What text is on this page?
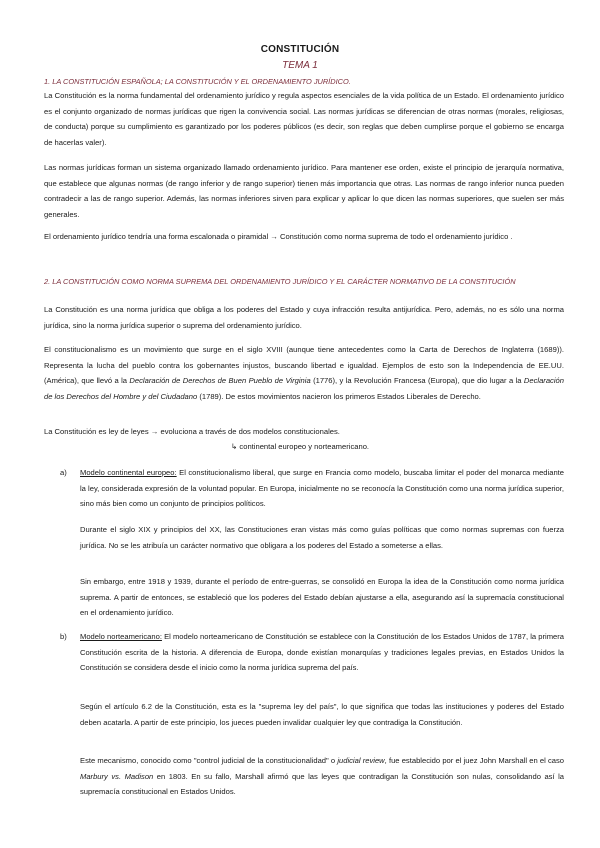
CONSTITUCIÓN
TEMA 1
1. LA CONSTITUCIÓN ESPAÑOLA; LA CONSTITUCIÓN Y EL ORDENAMIENTO JURÍDICO.

La Constitución es la norma fundamental del ordenamiento jurídico y regula aspectos esenciales de la vida política de un Estado. El ordenamiento jurídico es el conjunto organizado de normas jurídicas que rigen la convivencia social. Las normas jurídicas se diferencian de otras normas (morales, religiosas, de conducta) porque su cumplimiento es garantizado por los poderes públicos (es decir, son reglas que deben cumplirse porque el gobierno se encarga de hacerlas valer).

Las normas jurídicas forman un sistema organizado llamado ordenamiento jurídico. Para mantener ese orden, existe el principio de jerarquía normativa, que establece que algunas normas (de rango inferior y de rango superior) tienen más importancia que otras. Las normas de rango inferior nunca pueden contradecir a las de rango superior. Además, las normas inferiores sirven para explicar y aplicar lo que dicen las normas superiores, que suelen ser más generales.

El ordenamiento jurídico tendría una forma escalonada o piramidal → Constitución como norma suprema de todo el ordenamiento jurídico .

2. LA CONSTITUCIÓN COMO NORMA SUPREMA DEL ORDENAMIENTO JURÍDICO Y EL CARÁCTER NORMATIVO DE LA CONSTITUCIÓN

La Constitución es una norma jurídica que obliga a los poderes del Estado y cuya infracción resulta antijurídica. Pero, además, no es sólo una norma jurídica, sino la norma jurídica superior o suprema del ordenamiento jurídico.

El constitucionalismo es un movimiento que surge en el siglo XVIII (aunque tiene antecedentes como la Carta de Derechos de Inglaterra (1689)). Representa la lucha del pueblo contra los gobernantes injustos, buscando libertad e igualdad. Ejemplos de esto son la Independencia de EE.UU. (América), que llevó a la Declaración de Derechos de Buen Pueblo de Virginia (1776), y la Revolución Francesa (Europa), que dio lugar a la Declaración de los Derechos del Hombre y del Ciudadano (1789). De estos movimientos nacieron los primeros Estados Liberales de Derecho.

La Constitución es ley de leyes → evoluciona a través de dos modelos constitucionales.

↳ continental europeo y norteamericano.
a) Modelo continental europeo: El constitucionalismo liberal, que surge en Francia como modelo, buscaba limitar el poder del monarca mediante la ley, considerada expresión de la voluntad popular. En Europa, inicialmente no se reconocía la Constitución como una norma jurídica superior, sino más bien como un conjunto de principios políticos.

Durante el siglo XIX y principios del XX, las Constituciones eran vistas más como guías políticas que como normas supremas con fuerza jurídica. No se les atribuía un carácter normativo que obligara a los poderes del Estado a someterse a ellas.

Sin embargo, entre 1918 y 1939, durante el período de entre-guerras, se consolidó en Europa la idea de la Constitución como norma jurídica suprema. A partir de entonces, se estableció que los poderes del Estado debían ajustarse a ella, asegurando así la supremacía constitucional en el ordenamiento jurídico.

b) Modelo norteamericano: El modelo norteamericano de Constitución se establece con la Constitución de los Estados Unidos de 1787, la primera Constitución escrita de la historia. A diferencia de Europa, donde existían monarquías y tradiciones legales previas, en Estados Unidos la Constitución se considera desde el inicio como la norma jurídica suprema del país.

Según el artículo 6.2 de la Constitución, esta es la "suprema ley del país", lo que significa que todas las instituciones y poderes del Estado deben acatarla. A partir de este principio, los jueces pueden invalidar cualquier ley que contradiga la Constitución.

Este mecanismo, conocido como "control judicial de la constitucionalidad" o judicial review, fue establecido por el juez John Marshall en el caso Marbury vs. Madison en 1803. En su fallo, Marshall afirmó que las leyes que contradigan la Constitución son nulas, consolidando así la supremacía constitucional en Estados Unidos.
